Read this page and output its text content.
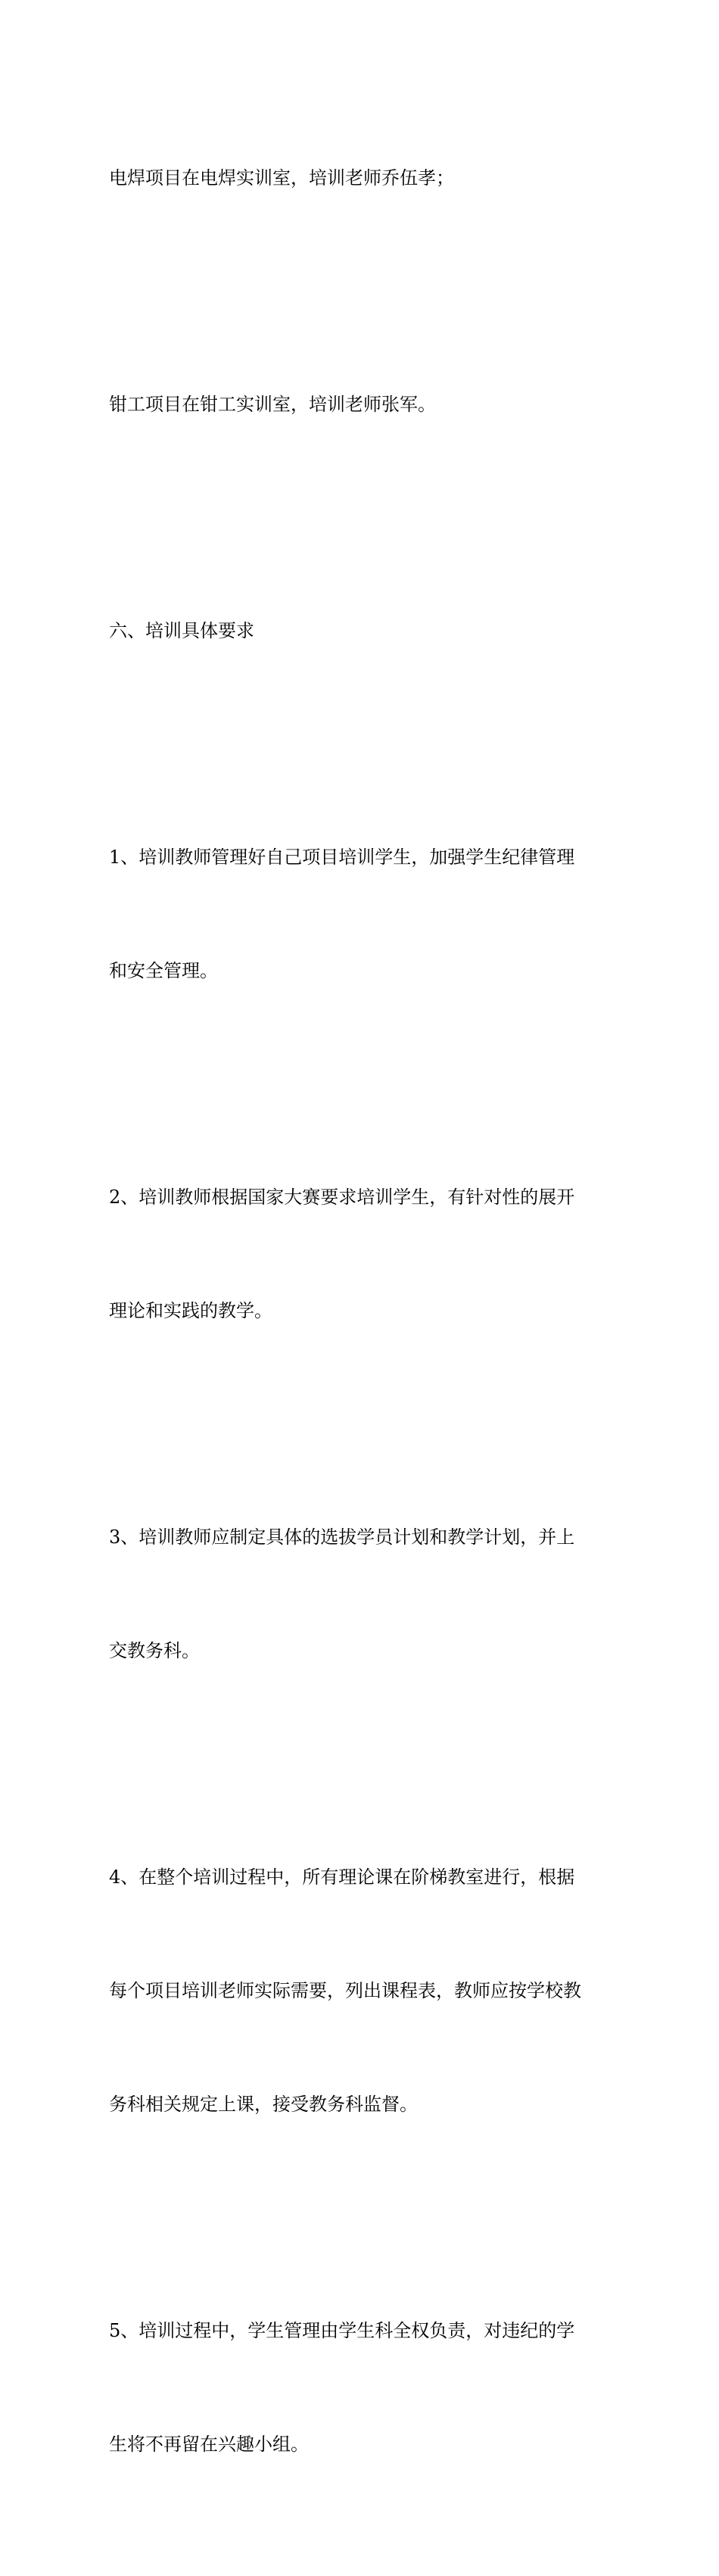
电焊项目在电焊实训室，培训老师乔伍孝；

钳工项目在钳工实训室，培训老师张军。

六、培训具体要求

1、培训教师管理好自己项目培训学生，加强学生纪律管理

和安全管理。

2、培训教师根据国家大赛要求培训学生，有针对性的展开

理论和实践的教学。

3、培训教师应制定具体的选拔学员计划和教学计划，并上

交教务科。

4、在整个培训过程中，所有理论课在阶梯教室进行，根据

每个项目培训老师实际需要，列出课程表，教师应按学校教

务科相关规定上课，接受教务科监督。

5、培训过程中，学生管理由学生科全权负责，对违纪的学

生将不再留在兴趣小组。
